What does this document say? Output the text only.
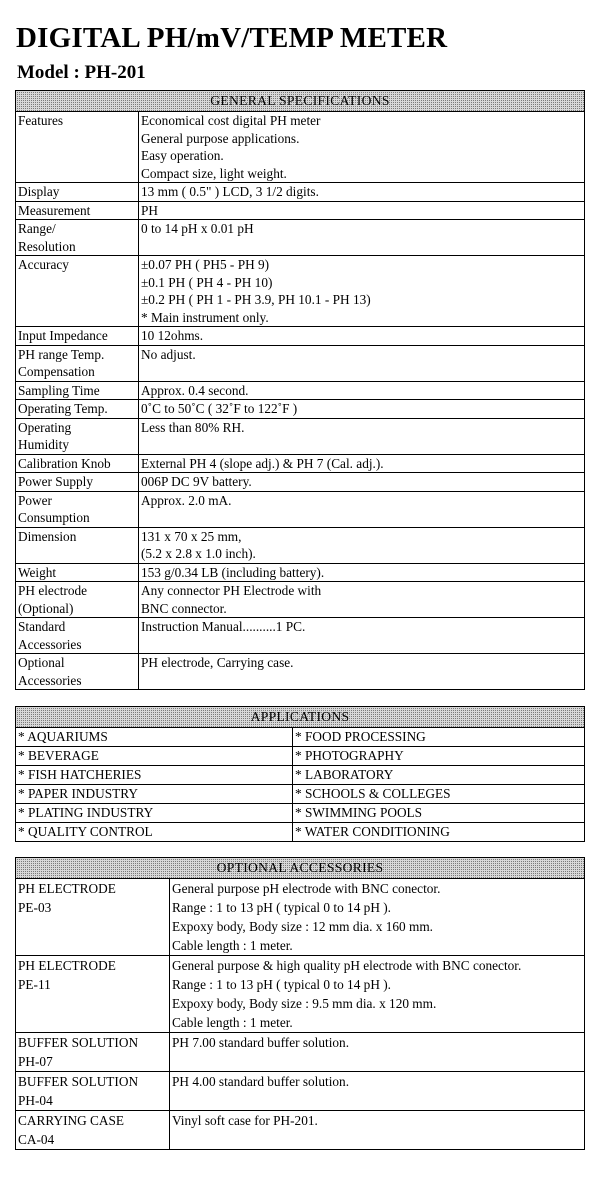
DIGITAL PH/mV/TEMP METER
Model : PH-201
GENERAL SPECIFICATIONS	

Features	Economical cost digital PH meter
General purpose applications.
Easy operation.
Compact size, light weight.

Display	13 mm ( 0.5" ) LCD, 3 1/2 digits.

Measurement	PH

Range/
Resolution	0 to 14 pH x 0.01 pH

Accuracy	±0.07 PH ( PH5 - PH 9)
±0.1 PH ( PH 4 - PH 10)
±0.2 PH ( PH 1 - PH 3.9, PH 10.1 - PH 13)
* Main instrument only.

Input Impedance	10 12ohms.

PH range Temp.
Compensation	No adjust.

Sampling Time	Approx. 0.4 second.

Operating Temp.	0˚C to 50˚C ( 32˚F to 122˚F )

Operating
Humidity	Less than 80% RH.

Calibration Knob	External PH 4 (slope adj.) & PH 7 (Cal. adj.).

Power Supply	006P DC 9V battery.

Power
Consumption	Approx. 2.0 mA.

Dimension	131 x 70 x 25 mm,
(5.2 x 2.8 x 1.0 inch).

Weight	153 g/0.34 LB (including battery).

PH electrode
(Optional)	Any connector PH Electrode with
BNC connector.

Standard
Accessories	Instruction Manual..........1 PC.

Optional
Accessories	PH electrode, Carrying case.
APPLICATIONS	
* AQUARIUMS	* FOOD PROCESSING
* BEVERAGE	* PHOTOGRAPHY
* FISH HATCHERIES	* LABORATORY
* PAPER INDUSTRY	* SCHOOLS & COLLEGES
* PLATING INDUSTRY	* SWIMMING POOLS
* QUALITY CONTROL	* WATER CONDITIONING
OPTIONAL ACCESSORIES	

PH ELECTRODE
PE-03	General purpose pH electrode with BNC conector.
Range : 1 to 13 pH ( typical 0 to 14 pH ).
Expoxy body, Body size : 12 mm dia. x 160 mm.
Cable length : 1 meter.

PH ELECTRODE
PE-11	General purpose & high quality pH electrode with BNC conector.
Range : 1 to 13 pH ( typical 0 to 14 pH ).
Expoxy body, Body size : 9.5 mm dia. x 120 mm.
Cable length : 1 meter.

BUFFER SOLUTION
PH-07	PH 7.00 standard buffer solution.

BUFFER SOLUTION
PH-04	PH 4.00 standard buffer solution.

CARRYING CASE
CA-04	Vinyl soft case for PH-201.
